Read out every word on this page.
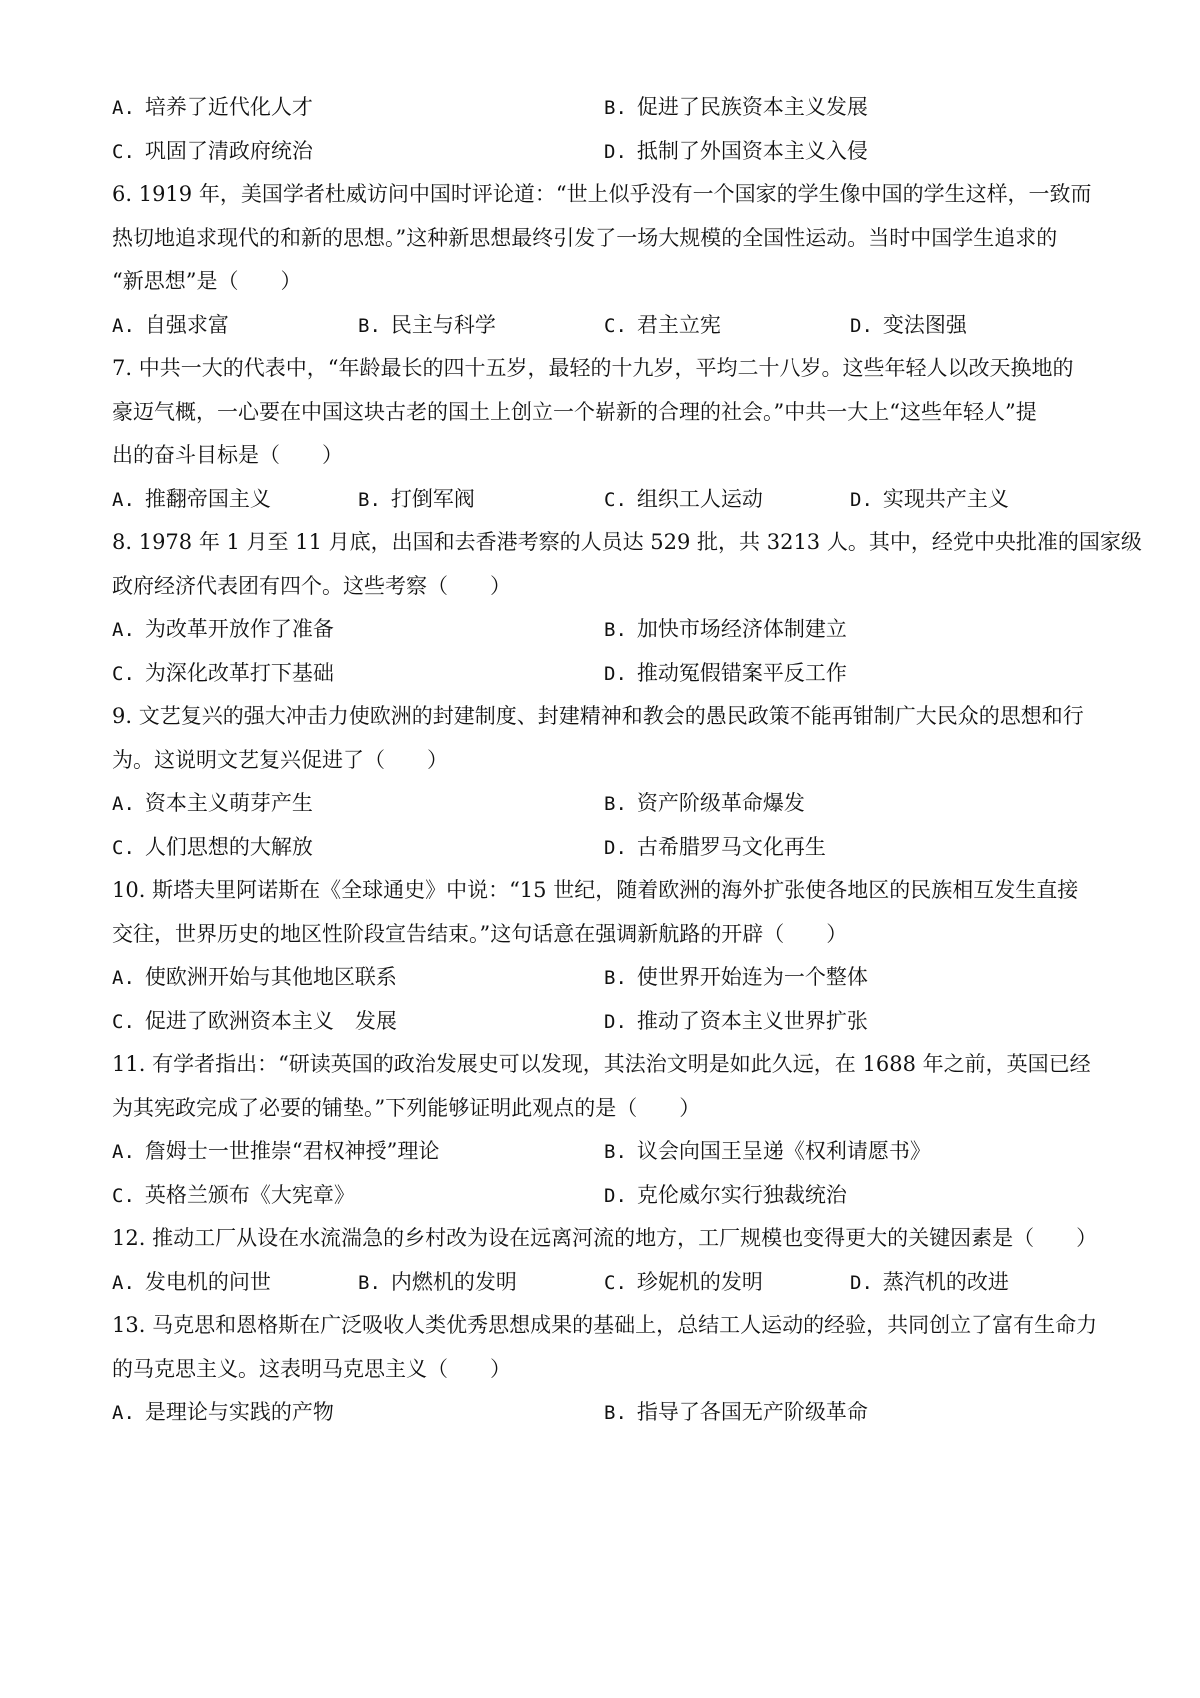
A. 培养了近代化人才	B. 促进了民族资本主义发展
C. 巩固了清政府统治	D. 抵制了外国资本主义入侵
6. 1919 年，美国学者杜威访问中国时评论道：“世上似乎没有一个国家的学生像中国的学生这样，一致而
热切地追求现代的和新的思想。”这种新思想最终引发了一场大规模的全国性运动。当时中国学生追求的
“新思想”是（　　）
A. 自强求富	B. 民主与科学	C. 君主立宪	D. 变法图强
7. 中共一大的代表中，“年龄最长的四十五岁，最轻的十九岁，平均二十八岁。这些年轻人以改天换地的
豪迈气概，一心要在中国这块古老的国土上创立一个崭新的合理的社会。”中共一大上“这些年轻人”提
出的奋斗目标是（　　）
A. 推翻帝国主义	B. 打倒军阀	C. 组织工人运动	D. 实现共产主义
8. 1978 年 1 月至 11 月底，出国和去香港考察的人员达 529 批，共 3213 人。其中，经党中央批准的国家级
政府经济代表团有四个。这些考察（　　）
A. 为改革开放作了准备	B. 加快市场经济体制建立
C. 为深化改革打下基础	D. 推动冤假错案平反工作
9. 文艺复兴的强大冲击力使欧洲的封建制度、封建精神和教会的愚民政策不能再钳制广大民众的思想和行
为。这说明文艺复兴促进了（　　）
A. 资本主义萌芽产生	B. 资产阶级革命爆发
C. 人们思想的大解放	D. 古希腊罗马文化再生
10. 斯塔夫里阿诺斯在《全球通史》中说：“15 世纪，随着欧洲的海外扩张使各地区的民族相互发生直接
交往，世界历史的地区性阶段宣告结束。”这句话意在强调新航路的开辟（　　）
A. 使欧洲开始与其他地区联系	B. 使世界开始连为一个整体
C. 促进了欧洲资本主义　发展	D. 推动了资本主义世界扩张
11. 有学者指出：“研读英国的政治发展史可以发现，其法治文明是如此久远，在 1688 年之前，英国已经
为其宪政完成了必要的铺垫。”下列能够证明此观点的是（　　）
A. 詹姆士一世推崇“君权神授”理论	B. 议会向国王呈递《权利请愿书》
C. 英格兰颁布《大宪章》	D. 克伦威尔实行独裁统治
12. 推动工厂从设在水流湍急的乡村改为设在远离河流的地方，工厂规模也变得更大的关键因素是（　　）
A. 发电机的问世	B. 内燃机的发明	C. 珍妮机的发明	D. 蒸汽机的改进
13. 马克思和恩格斯在广泛吸收人类优秀思想成果的基础上，总结工人运动的经验，共同创立了富有生命力
的马克思主义。这表明马克思主义（　　）
A. 是理论与实践的产物	B. 指导了各国无产阶级革命
